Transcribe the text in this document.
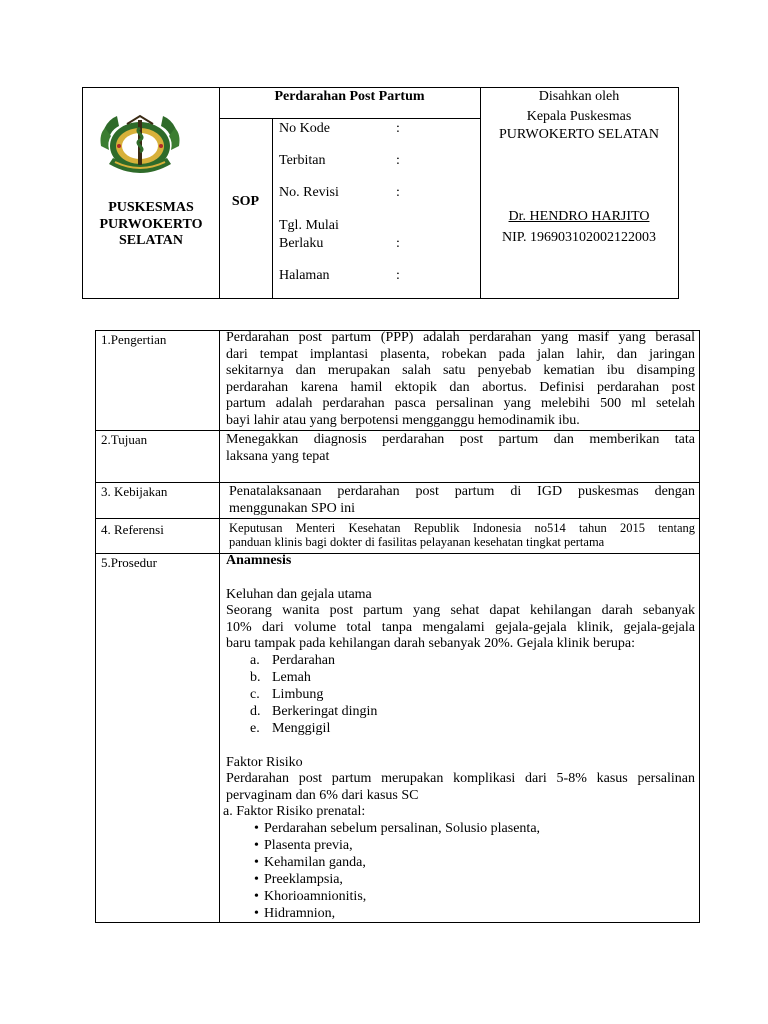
PUSKESMAS
PURWOKERTO
SELATAN
Perdarahan Post Partum
SOP
No Kode	:
Terbitan	:
No. Revisi	:
Tgl. Mulai
Berlaku	:
Halaman	:
Disahkan oleh
Kepala Puskesmas
PURWOKERTO SELATAN
Dr. HENDRO HARJITO
NIP. 196903102002122003
1.Pengertian	Perdarahan post partum (PPP) adalah perdarahan yang masif yang berasal
dari tempat implantasi plasenta, robekan pada jalan lahir, dan jaringan
sekitarnya dan merupakan salah satu penyebab kematian ibu disamping
perdarahan karena hamil ektopik dan abortus. Definisi perdarahan post
partum adalah perdarahan pasca persalinan yang melebihi 500 ml setelah
bayi lahir atau yang berpotensi mengganggu hemodinamik ibu.
2.Tujuan	Menegakkan diagnosis perdarahan post partum dan memberikan tata
laksana yang tepat
3. Kebijakan	Penatalaksanaan perdarahan post partum di IGD puskesmas dengan
menggunakan SPO ini
4. Referensi	Keputusan Menteri Kesehatan Republik Indonesia no514 tahun 2015 tentang
panduan klinis bagi dokter di fasilitas pelayanan kesehatan tingkat pertama
5.Prosedur	Anamnesis
Keluhan dan gejala utama
Seorang wanita post partum yang sehat dapat kehilangan darah sebanyak
10% dari volume total tanpa mengalami gejala-gejala klinik, gejala-gejala
baru tampak pada kehilangan darah sebanyak 20%. Gejala klinik berupa:
a. Perdarahan
b. Lemah
c. Limbung
d. Berkeringat dingin
e. Menggigil
Faktor Risiko
Perdarahan post partum merupakan komplikasi dari 5-8% kasus persalinan
pervaginam dan 6% dari kasus SC
a. Faktor Risiko prenatal:
• Perdarahan sebelum persalinan, Solusio plasenta,
• Plasenta previa,
• Kehamilan ganda,
• Preeklampsia,
• Khorioamnionitis,
• Hidramnion,
